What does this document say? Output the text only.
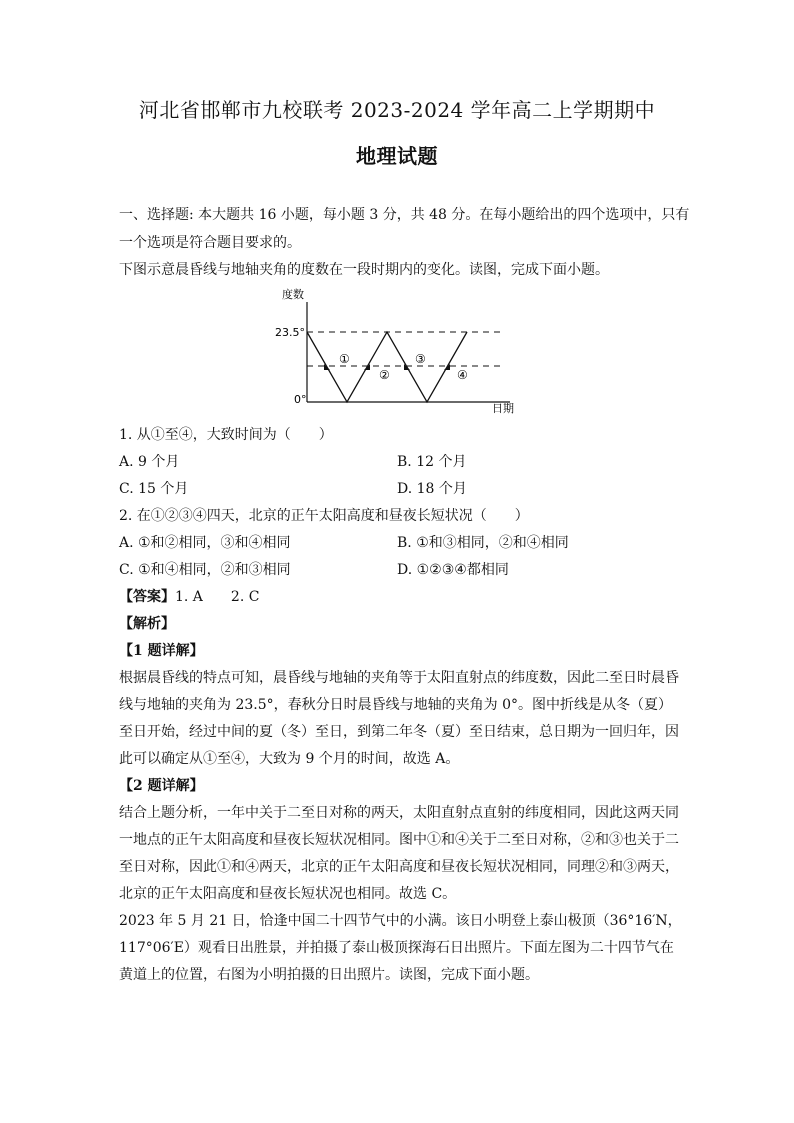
河北省邯郸市九校联考 2023-2024 学年高二上学期期中
地理试题
一、选择题: 本大题共 16 小题，每小题 3 分，共 48 分。在每小题给出的四个选项中，只有
一个选项是符合题目要求的。
下图示意晨昏线与地轴夹角的度数在一段时期内的变化。读图，完成下面小题。
度数
日期
23.5°
0°
①
②
③
④
1. 从①至④，大致时间为（　　）
A. 9 个月	B. 12 个月
C. 15 个月	D. 18 个月
2. 在①②③④四天，北京的正午太阳高度和昼夜长短状况（　　）
A. ①和②相同，③和④相同	B. ①和③相同，②和④相同
C. ①和④相同，②和③相同	D. ①②③④都相同
【答案】1. A　　2. C
【解析】
【1 题详解】
根据晨昏线的特点可知，晨昏线与地轴的夹角等于太阳直射点的纬度数，因此二至日时晨昏
线与地轴的夹角为 23.5°，春秋分日时晨昏线与地轴的夹角为 0°。图中折线是从冬（夏）
至日开始，经过中间的夏（冬）至日，到第二年冬（夏）至日结束，总日期为一回归年，因
此可以确定从①至④，大致为 9 个月的时间，故选 A。
【2 题详解】
结合上题分析，一年中关于二至日对称的两天，太阳直射点直射的纬度相同，因此这两天同
一地点的正午太阳高度和昼夜长短状况相同。图中①和④关于二至日对称，②和③也关于二
至日对称，因此①和④两天，北京的正午太阳高度和昼夜长短状况相同，同理②和③两天，
北京的正午太阳高度和昼夜长短状况也相同。故选 C。
2023 年 5 月 21 日，恰逢中国二十四节气中的小满。该日小明登上泰山极顶（36°16′N，
117°06′E）观看日出胜景，并拍摄了泰山极顶探海石日出照片。下面左图为二十四节气在
黄道上的位置，右图为小明拍摄的日出照片。读图，完成下面小题。
